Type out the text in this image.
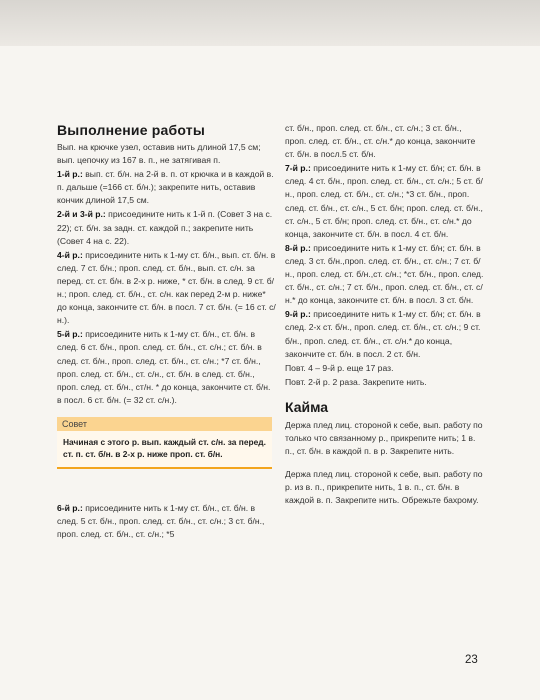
Выполнение работы

Вып. на крючке узел, оставив нить длиной 17,5 см; вып. цепочку из 167 в. п., не затягивая п.

1-й р.: вып. ст. б/н. на 2-й в. п. от крючка и в каждой в. п. дальше (=166 ст. б/н.); закрепите нить, оставив кончик длиной 17,5 см.

2-й и 3-й р.: присоедините нить к 1-й п. (Совет 3 на с. 22); ст. б/н. за задн. ст. каждой п.; закрепите нить (Совет 4 на с. 22).

4-й р.: присоедините нить к 1-му ст. б/н., вып. ст. б/н. в след. 7 ст. б/н.; проп. след. ст. б/н., вып. ст. с/н. за перед. ст. ст. б/н. в 2-х р. ниже, * ст. б/н. в след. 9 ст. б/н.; проп. след. ст. б/н., ст. с/н. как перед 2-м р. ниже* до конца, закончите ст. б/н. в посл. 7 ст. б/н. (= 16 ст. с/н.).

5-й р.: присоедините нить к 1-му ст. б/н., ст. б/н. в след. 6 ст. б/н., проп. след. ст. б/н., ст. с/н.; ст. б/н. в след. ст. б/н., проп. след. ст. б/н., ст. с/н.; *7 ст. б/н., проп. след. ст. б/н., ст. с/н., ст. б/н. в след. ст. б/н., проп. след. ст. б/н., ст/н. * до конца, закончите ст. б/н. в посл. 6 ст. б/н. (= 32 ст. с/н.).

Совет
Начиная с этого р. вып. каждый ст. с/н. за перед. ст. п. ст. б/н. в 2-х р. ниже проп. ст. б/н.

6-й р.: присоедините нить к 1-му ст. б/н., ст. б/н. в след. 5 ст. б/н., проп. след. ст. б/н., ст. с/н.; 3 ст. б/н., проп. след. ст. б/н., ст. с/н.; *5

ст. б/н., проп. след. ст. б/н., ст. с/н.; 3 ст. б/н., проп. след. ст. б/н., ст. с/н.* до конца, закончите ст. б/н. в посл.5 ст. б/н.

7-й р.: присоедините нить к 1-му ст. б/н; ст. б/н. в след. 4 ст. б/н., проп. след. ст. б/н., ст. с/н.; 5 ст. б/н., проп. след. ст. б/н., ст. с/н.; *3 ст. б/н., проп. след. ст. б/н., ст. с/н., 5 ст. б/н; проп. след. ст. б/н., ст. с/н., 5 ст. б/н; проп. след. ст. б/н., ст. с/н.* до конца, закончите ст. б/н. в посл. 4 ст. б/н.

8-й р.: присоедините нить к 1-му ст. б/н; ст. б/н. в след. 3 ст. б/н.,проп. след. ст. б/н., ст. с/н.; 7 ст. б/н., проп. след. ст. б/н.,ст. с/н.; *ст. б/н., проп. след. ст. б/н., ст. с/н.; 7 ст. б/н., проп. след. ст. б/н., ст. с/н.* до конца, закончите ст. б/н. в посл. 3 ст. б/н.

9-й р.: присоедините нить к 1-му ст. б/н; ст. б/н. в след. 2-х ст. б/н., проп. след. ст. б/н., ст. с/н.; 9 ст. б/н., проп. след. ст. б/н., ст. с/н.* до конца, закончите ст. б/н. в посл. 2 ст. б/н.

Повт. 4 – 9-й р. еще 17 раз.

Повт. 2-й р. 2 раза. Закрепите нить.

Кайма

Держа плед лиц. стороной к себе, вып. работу по только что связанному р., прикрепите нить; 1 в. п., ст. б/н. в каждой п. в р. Закрепите нить.

Держа плед лиц. стороной к себе, вып. работу по р. из в. п., прикрепите нить, 1 в. п., ст. б/н. в каждой в. п. Закрепите нить. Обрежьте бахрому.

23
